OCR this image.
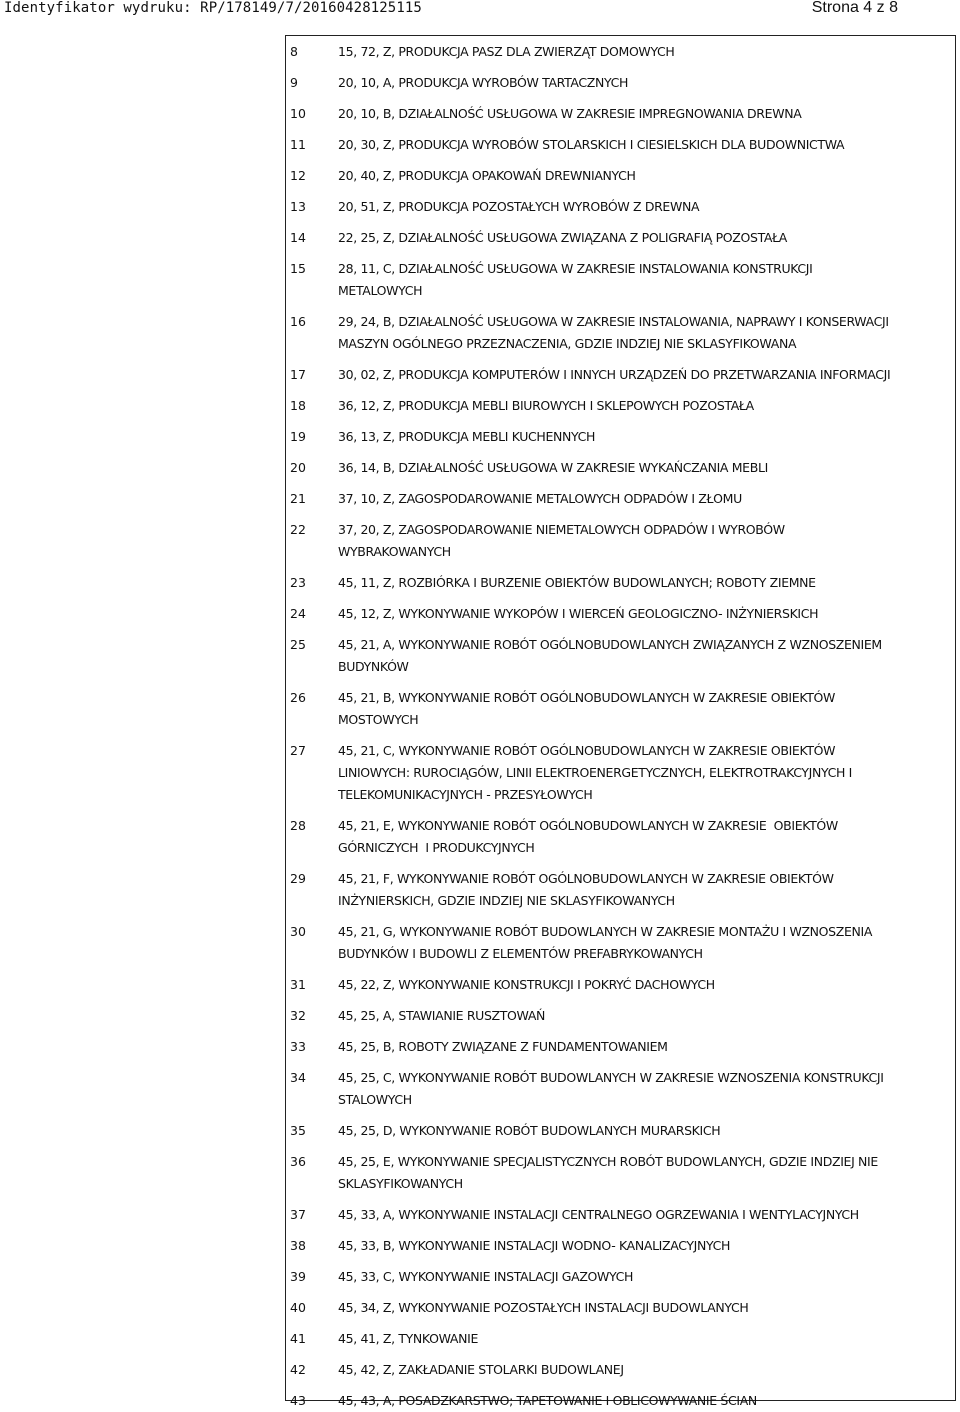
Identyfikator wydruku: RP/178149/7/20160428125115	Strona 4 z 8
8	15, 72, Z, PRODUKCJA PASZ DLA ZWIERZĄT DOMOWYCH
9	20, 10, A, PRODUKCJA WYROBÓW TARTACZNYCH
10	20, 10, B, DZIAŁALNOŚĆ USŁUGOWA W ZAKRESIE IMPREGNOWANIA DREWNA
11	20, 30, Z, PRODUKCJA WYROBÓW STOLARSKICH I CIESIELSKICH DLA BUDOWNICTWA
12	20, 40, Z, PRODUKCJA OPAKOWAŃ DREWNIANYCH
13	20, 51, Z, PRODUKCJA POZOSTAŁYCH WYROBÓW Z DREWNA
14	22, 25, Z, DZIAŁALNOŚĆ USŁUGOWA ZWIĄZANA Z POLIGRAFIĄ POZOSTAŁA
15	28, 11, C, DZIAŁALNOŚĆ USŁUGOWA W ZAKRESIE INSTALOWANIA KONSTRUKCJI
METALOWYCH
16	29, 24, B, DZIAŁALNOŚĆ USŁUGOWA W ZAKRESIE INSTALOWANIA, NAPRAWY I KONSERWACJI
MASZYN OGÓLNEGO PRZEZNACZENIA, GDZIE INDZIEJ NIE SKLASYFIKOWANA
17	30, 02, Z, PRODUKCJA KOMPUTERÓW I INNYCH URZĄDZEŃ DO PRZETWARZANIA INFORMACJI
18	36, 12, Z, PRODUKCJA MEBLI BIUROWYCH I SKLEPOWYCH POZOSTAŁA
19	36, 13, Z, PRODUKCJA MEBLI KUCHENNYCH
20	36, 14, B, DZIAŁALNOŚĆ USŁUGOWA W ZAKRESIE WYKAŃCZANIA MEBLI
21	37, 10, Z, ZAGOSPODAROWANIE METALOWYCH ODPADÓW I ZŁOMU
22	37, 20, Z, ZAGOSPODAROWANIE NIEMETALOWYCH ODPADÓW I WYROBÓW
WYBRAKOWANYCH
23	45, 11, Z, ROZBIÓRKA I BURZENIE OBIEKTÓW BUDOWLANYCH; ROBOTY ZIEMNE
24	45, 12, Z, WYKONYWANIE WYKOPÓW I WIERCEŃ GEOLOGICZNO- INŻYNIERSKICH
25	45, 21, A, WYKONYWANIE ROBÓT OGÓLNOBUDOWLANYCH ZWIĄZANYCH Z WZNOSZENIEM
BUDYNKÓW
26	45, 21, B, WYKONYWANIE ROBÓT OGÓLNOBUDOWLANYCH W ZAKRESIE OBIEKTÓW
MOSTOWYCH
27	45, 21, C, WYKONYWANIE ROBÓT OGÓLNOBUDOWLANYCH W ZAKRESIE OBIEKTÓW
LINIOWYCH: RUROCIĄGÓW, LINII ELEKTROENERGETYCZNYCH, ELEKTROTRAKCYJNYCH I
TELEKOMUNIKACYJNYCH - PRZESYŁOWYCH
28	45, 21, E, WYKONYWANIE ROBÓT OGÓLNOBUDOWLANYCH W ZAKRESIE  OBIEKTÓW
GÓRNICZYCH  I PRODUKCYJNYCH
29	45, 21, F, WYKONYWANIE ROBÓT OGÓLNOBUDOWLANYCH W ZAKRESIE OBIEKTÓW
INŻYNIERSKICH, GDZIE INDZIEJ NIE SKLASYFIKOWANYCH
30	45, 21, G, WYKONYWANIE ROBÓT BUDOWLANYCH W ZAKRESIE MONTAŻU I WZNOSZENIA
BUDYNKÓW I BUDOWLI Z ELEMENTÓW PREFABRYKOWANYCH
31	45, 22, Z, WYKONYWANIE KONSTRUKCJI I POKRYĆ DACHOWYCH
32	45, 25, A, STAWIANIE RUSZTOWAŃ
33	45, 25, B, ROBOTY ZWIĄZANE Z FUNDAMENTOWANIEM
34	45, 25, C, WYKONYWANIE ROBÓT BUDOWLANYCH W ZAKRESIE WZNOSZENIA KONSTRUKCJI
STALOWYCH
35	45, 25, D, WYKONYWANIE ROBÓT BUDOWLANYCH MURARSKICH
36	45, 25, E, WYKONYWANIE SPECJALISTYCZNYCH ROBÓT BUDOWLANYCH, GDZIE INDZIEJ NIE
SKLASYFIKOWANYCH
37	45, 33, A, WYKONYWANIE INSTALACJI CENTRALNEGO OGRZEWANIA I WENTYLACYJNYCH
38	45, 33, B, WYKONYWANIE INSTALACJI WODNO- KANALIZACYJNYCH
39	45, 33, C, WYKONYWANIE INSTALACJI GAZOWYCH
40	45, 34, Z, WYKONYWANIE POZOSTAŁYCH INSTALACJI BUDOWLANYCH
41	45, 41, Z, TYNKOWANIE
42	45, 42, Z, ZAKŁADANIE STOLARKI BUDOWLANEJ
43	45, 43, A, POSADZKARSTWO; TAPETOWANIE I OBLICOWYWANIE ŚCIAN
